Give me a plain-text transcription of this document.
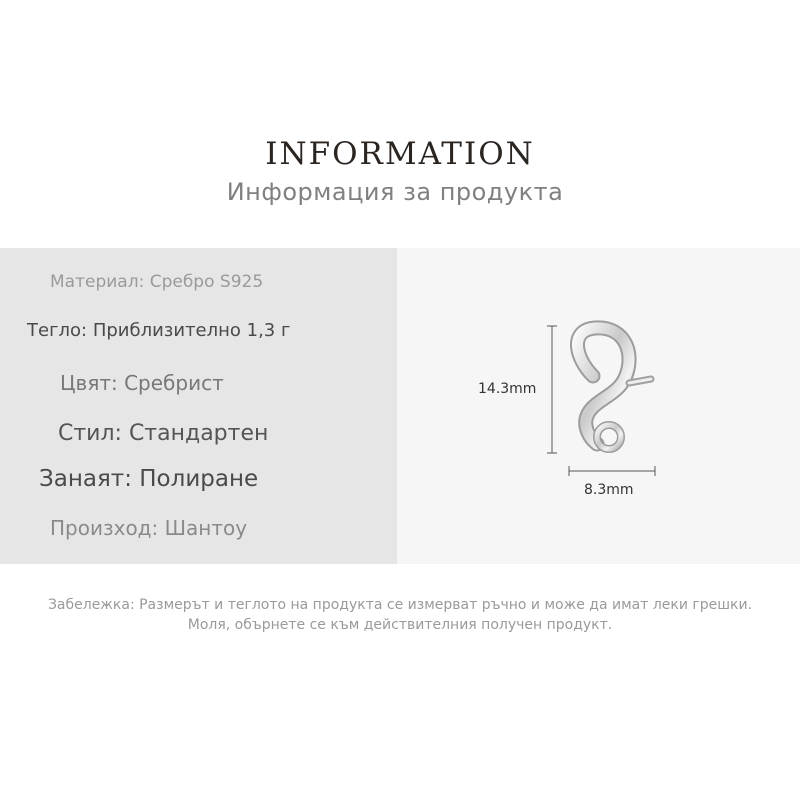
INFORMATION
Информация за продукта
Материал: Сребро S925
Тегло: Приблизително 1,3 г
Цвят: Сребрист
Стил: Стандартен
Занаят: Полиране
Произход: Шантоу
14.3mm
8.3mm
Забележка: Размерът и теглото на продукта се измерват ръчно и може да имат леки грешки. Моля, обърнете се към действителния получен продукт.
